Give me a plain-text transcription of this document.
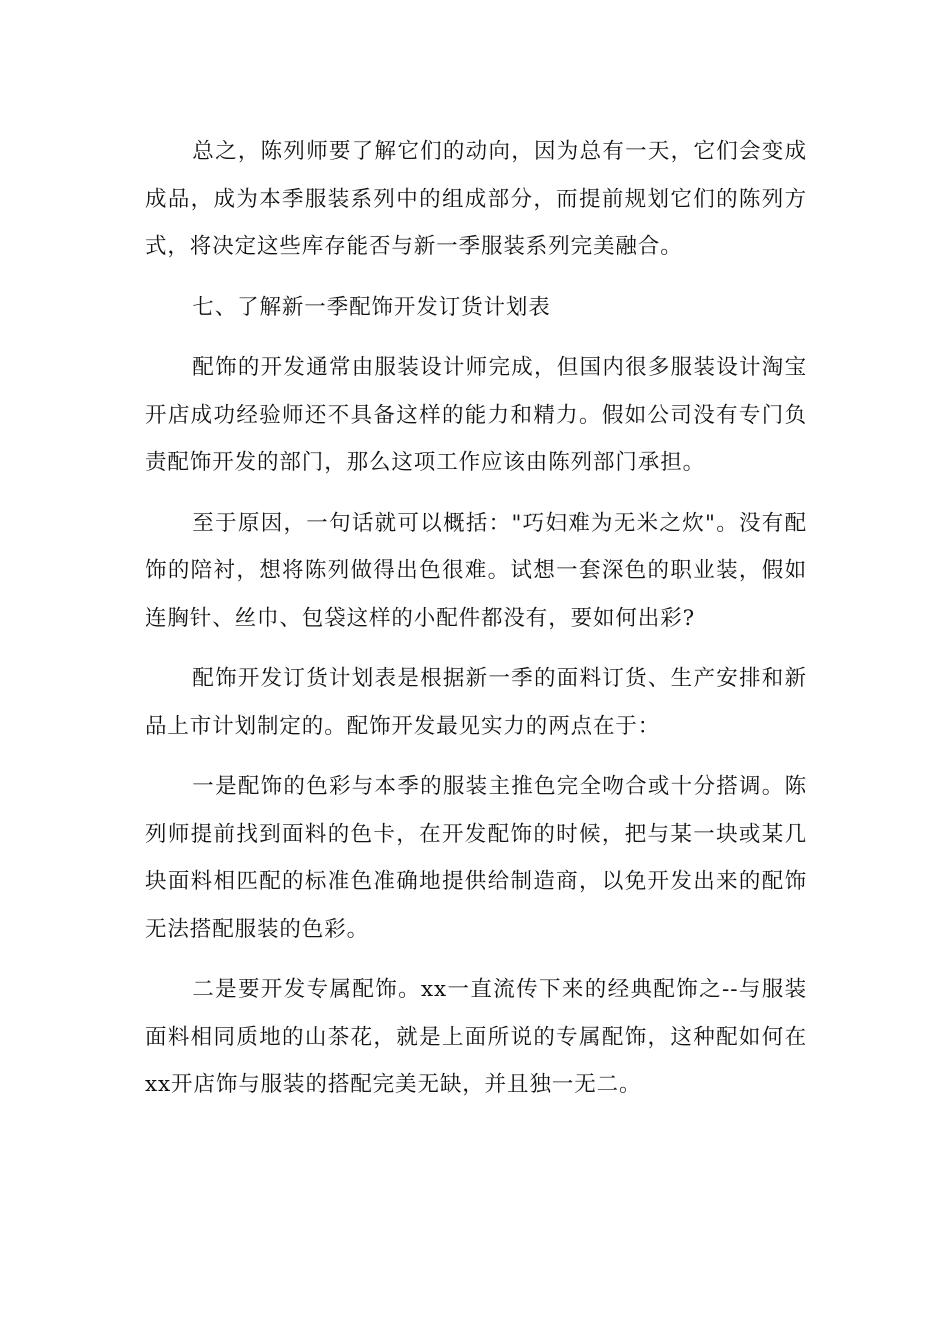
总之，陈列师要了解它们的动向，因为总有一天，它们会变成成品，成为本季服装系列中的组成部分，而提前规划它们的陈列方式，将决定这些库存能否与新一季服装系列完美融合。

七、了解新一季配饰开发订货计划表

配饰的开发通常由服装设计师完成，但国内很多服装设计淘宝开店成功经验师还不具备这样的能力和精力。假如公司没有专门负责配饰开发的部门，那么这项工作应该由陈列部门承担。

至于原因，一句话就可以概括："巧妇难为无米之炊"。没有配饰的陪衬，想将陈列做得出色很难。试想一套深色的职业装，假如连胸针、丝巾、包袋这样的小配件都没有，要如何出彩?

配饰开发订货计划表是根据新一季的面料订货、生产安排和新品上市计划制定的。配饰开发最见实力的两点在于：

一是配饰的色彩与本季的服装主推色完全吻合或十分搭调。陈列师提前找到面料的色卡，在开发配饰的时候，把与某一块或某几块面料相匹配的标准色准确地提供给制造商，以免开发出来的配饰无法搭配服装的色彩。

二是要开发专属配饰。xx一直流传下来的经典配饰之--与服装面料相同质地的山茶花，就是上面所说的专属配饰，这种配如何在xx开店饰与服装的搭配完美无缺，并且独一无二。
